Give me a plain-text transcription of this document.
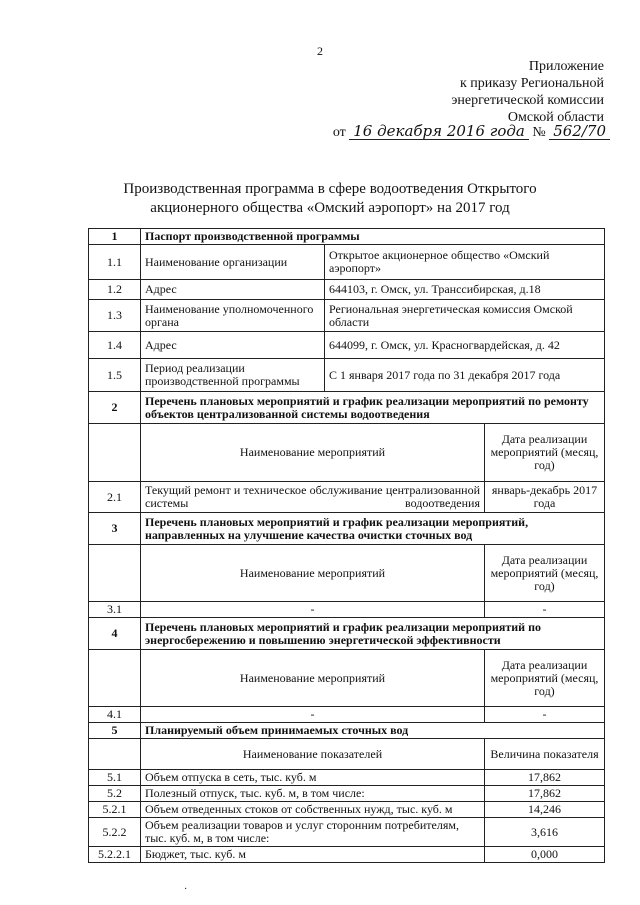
2
Приложение
к приказу Региональной
энергетической комиссии
Омской области
от 16 декабря 2016 года № 562/70
Производственная программа в сфере водоотведения Открытого
акционерного общества «Омский аэропорт» на 2017 год
1	Паспорт производственной программы		
1.1	Наименование организации	Открытое акционерное общество «Омский аэропорт»	
1.2	Адрес	644103, г. Омск, ул. Транссибирская, д.18	
1.3	Наименование уполномоченного органа	Региональная энергетическая комиссия Омской области	
1.4	Адрес	644099, г. Омск, ул. Красногвардейская, д. 42	
1.5	Период реализации производственной программы	С 1 января 2017 года по 31 декабря 2017 года	
2	Перечень плановых мероприятий и график реализации мероприятий по ремонту объектов централизованной системы водоотведения		
	Наименование мероприятий		Дата реализации мероприятий (месяц, год)
2.1	Текущий ремонт и техническое обслуживание централизованной системы водоотведения		январь-декабрь 2017 года
3	Перечень плановых мероприятий и график реализации мероприятий, направленных на улучшение качества очистки сточных вод		
	Наименование мероприятий		Дата реализации мероприятий (месяц, год)
3.1	-		-
4	Перечень плановых мероприятий и график реализации мероприятий по энергосбережению и повышению энергетической эффективности		
	Наименование мероприятий		Дата реализации мероприятий (месяц, год)
4.1	-		-
5	Планируемый объем принимаемых сточных вод		
	Наименование показателей		Величина показателя
5.1	Объем отпуска в сеть, тыс. куб. м		17,862
5.2	Полезный отпуск, тыс. куб. м, в том числе:		17,862
5.2.1	Объем отведенных стоков от собственных нужд, тыс. куб. м		14,246
5.2.2	Объем реализации товаров и услуг сторонним потребителям, тыс. куб. м, в том числе:		3,616
5.2.2.1	Бюджет, тыс. куб. м		0,000
·
